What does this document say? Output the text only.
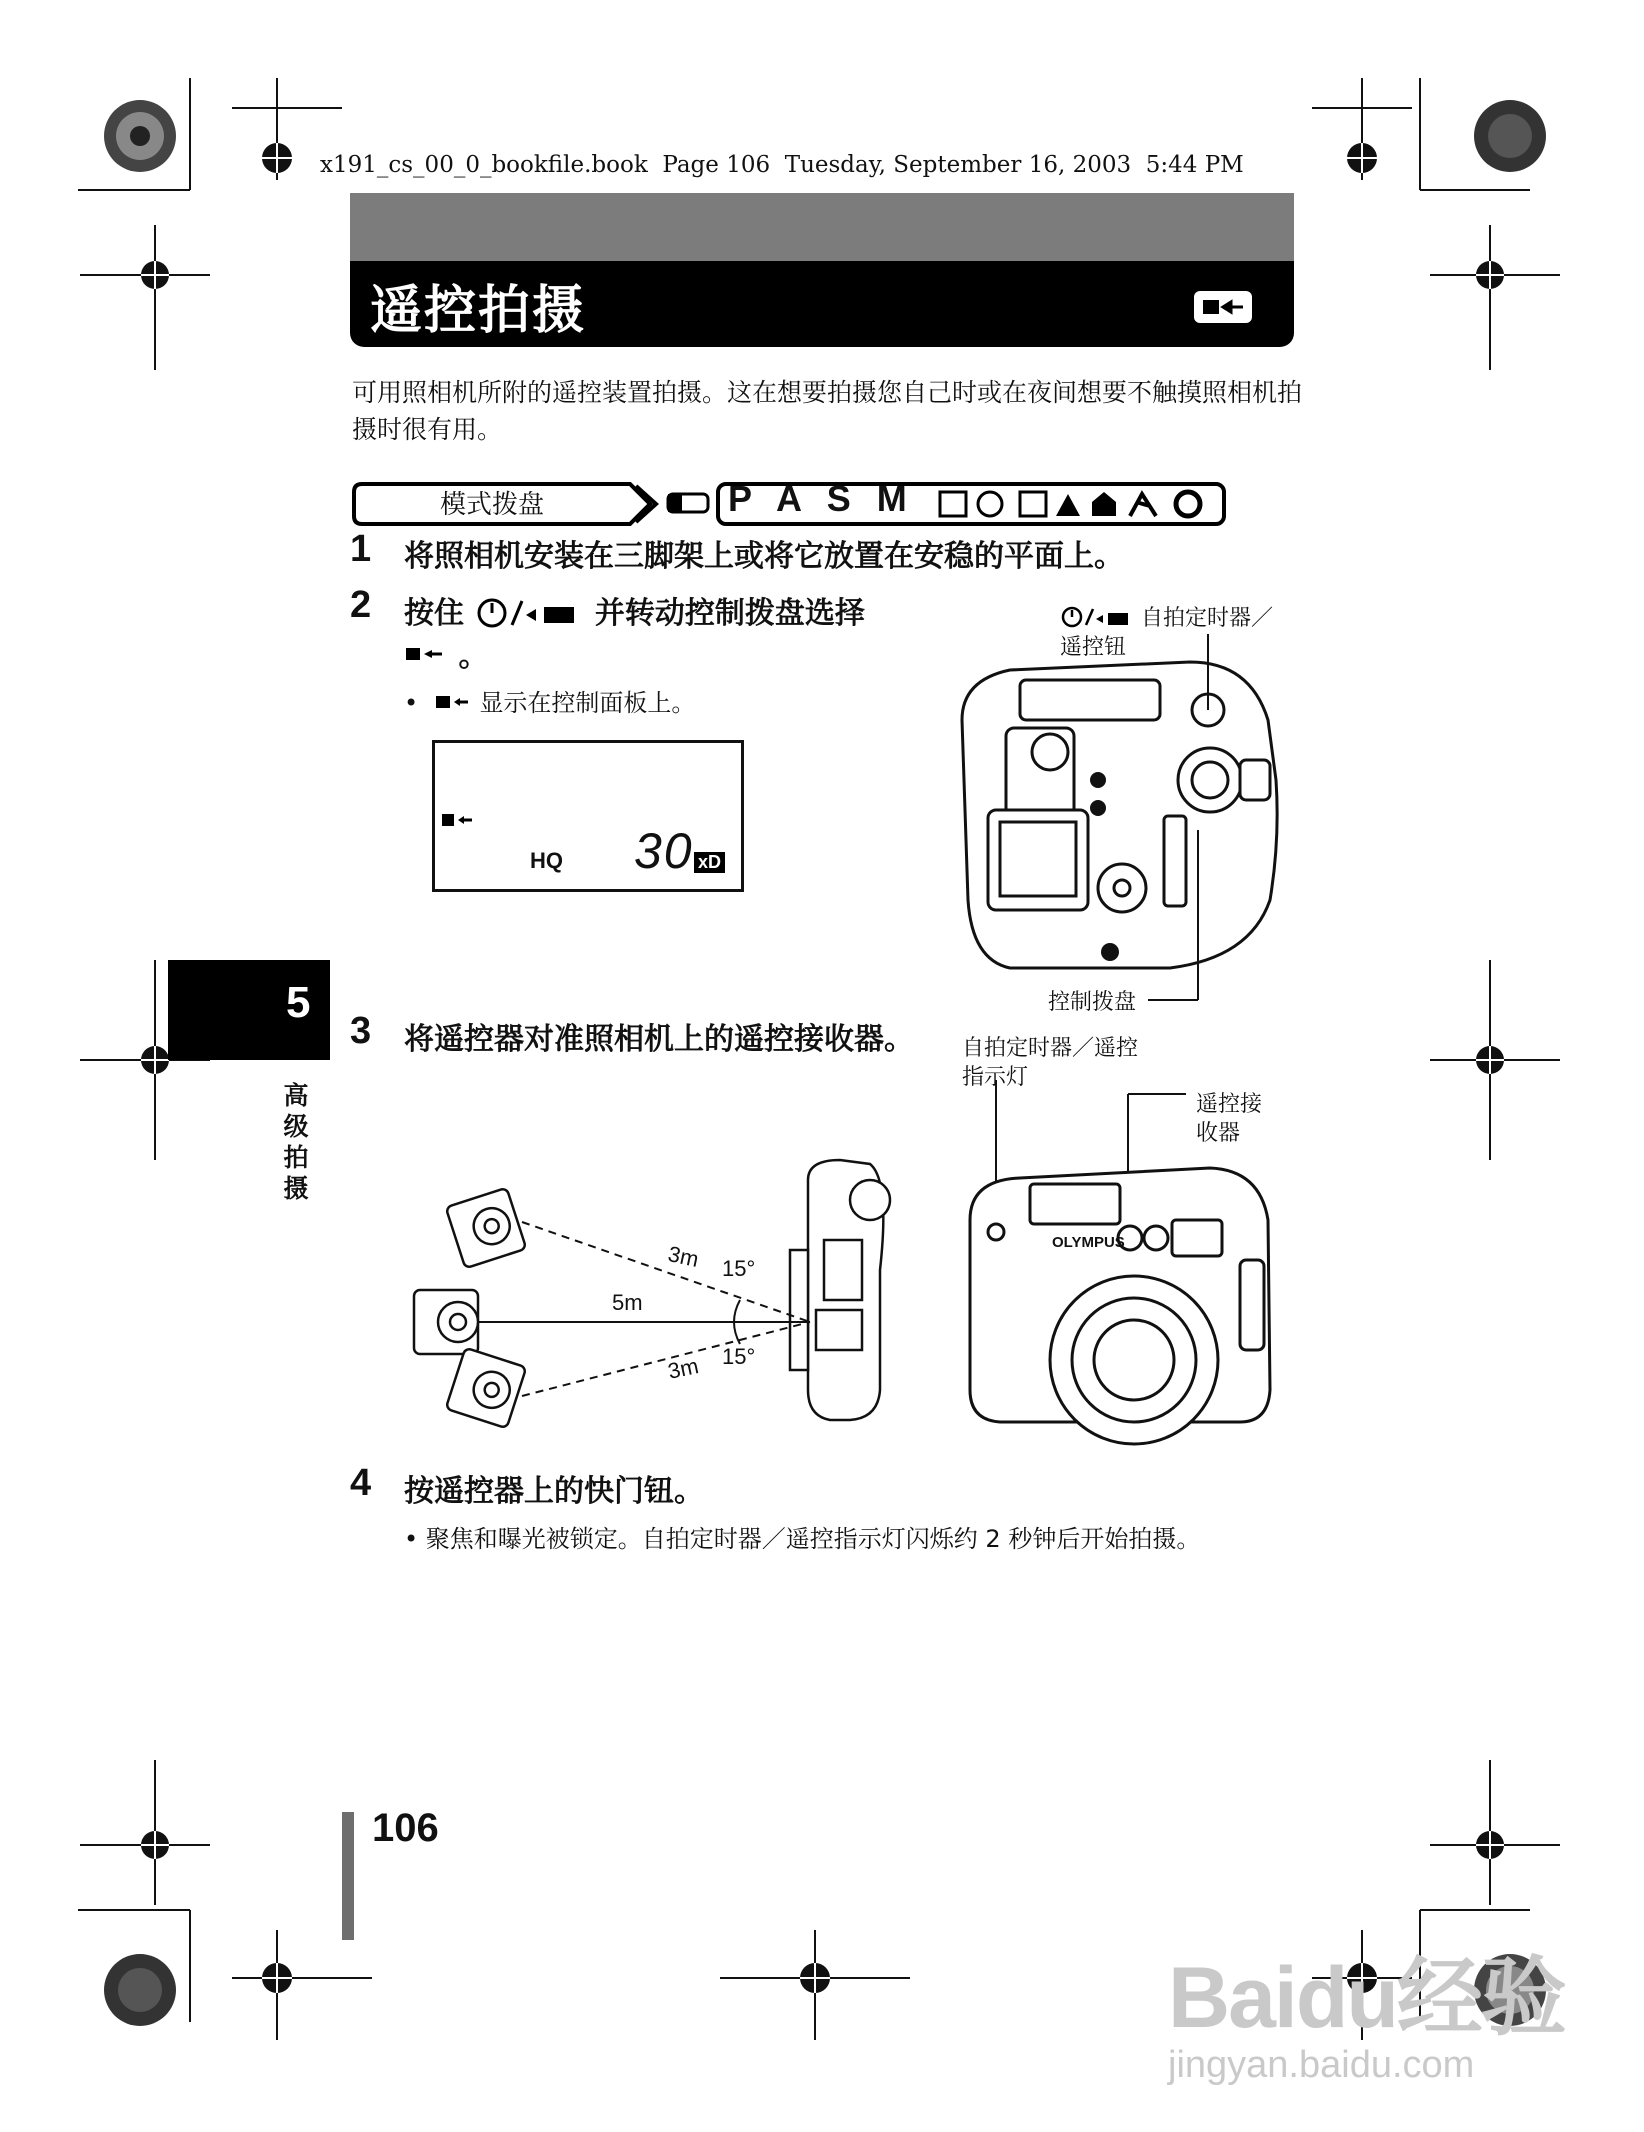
x191_cs_00_0_bookfile.book  Page 106  Tuesday, September 16, 2003  5:44 PM
遥控拍摄
可用照相机所附的遥控装置拍摄。这在想要拍摄您自己时或在夜间想要不触摸照相机拍摄时很有用。
模式拨盘	P A S M
1 将照相机安装在三脚架上或将它放置在安稳的平面上。
2 按住	并转动控制拨盘选择
。
•  显示在控制面板上。
HQ 30 xD
自拍定时器／
遥控钮
控制拨盘
5
高级拍摄
3 将遥控器对准照相机上的遥控接收器。 自拍定时器／遥控
指示灯
遥控接
收器
3m
5m
3m
15°
15°
OLYMPUS
4 按遥控器上的快门钮。
• 聚焦和曝光被锁定。自拍定时器／遥控指示灯闪烁约 2 秒钟后开始拍摄。
106
Baidu经验
jingyan.baidu.com
